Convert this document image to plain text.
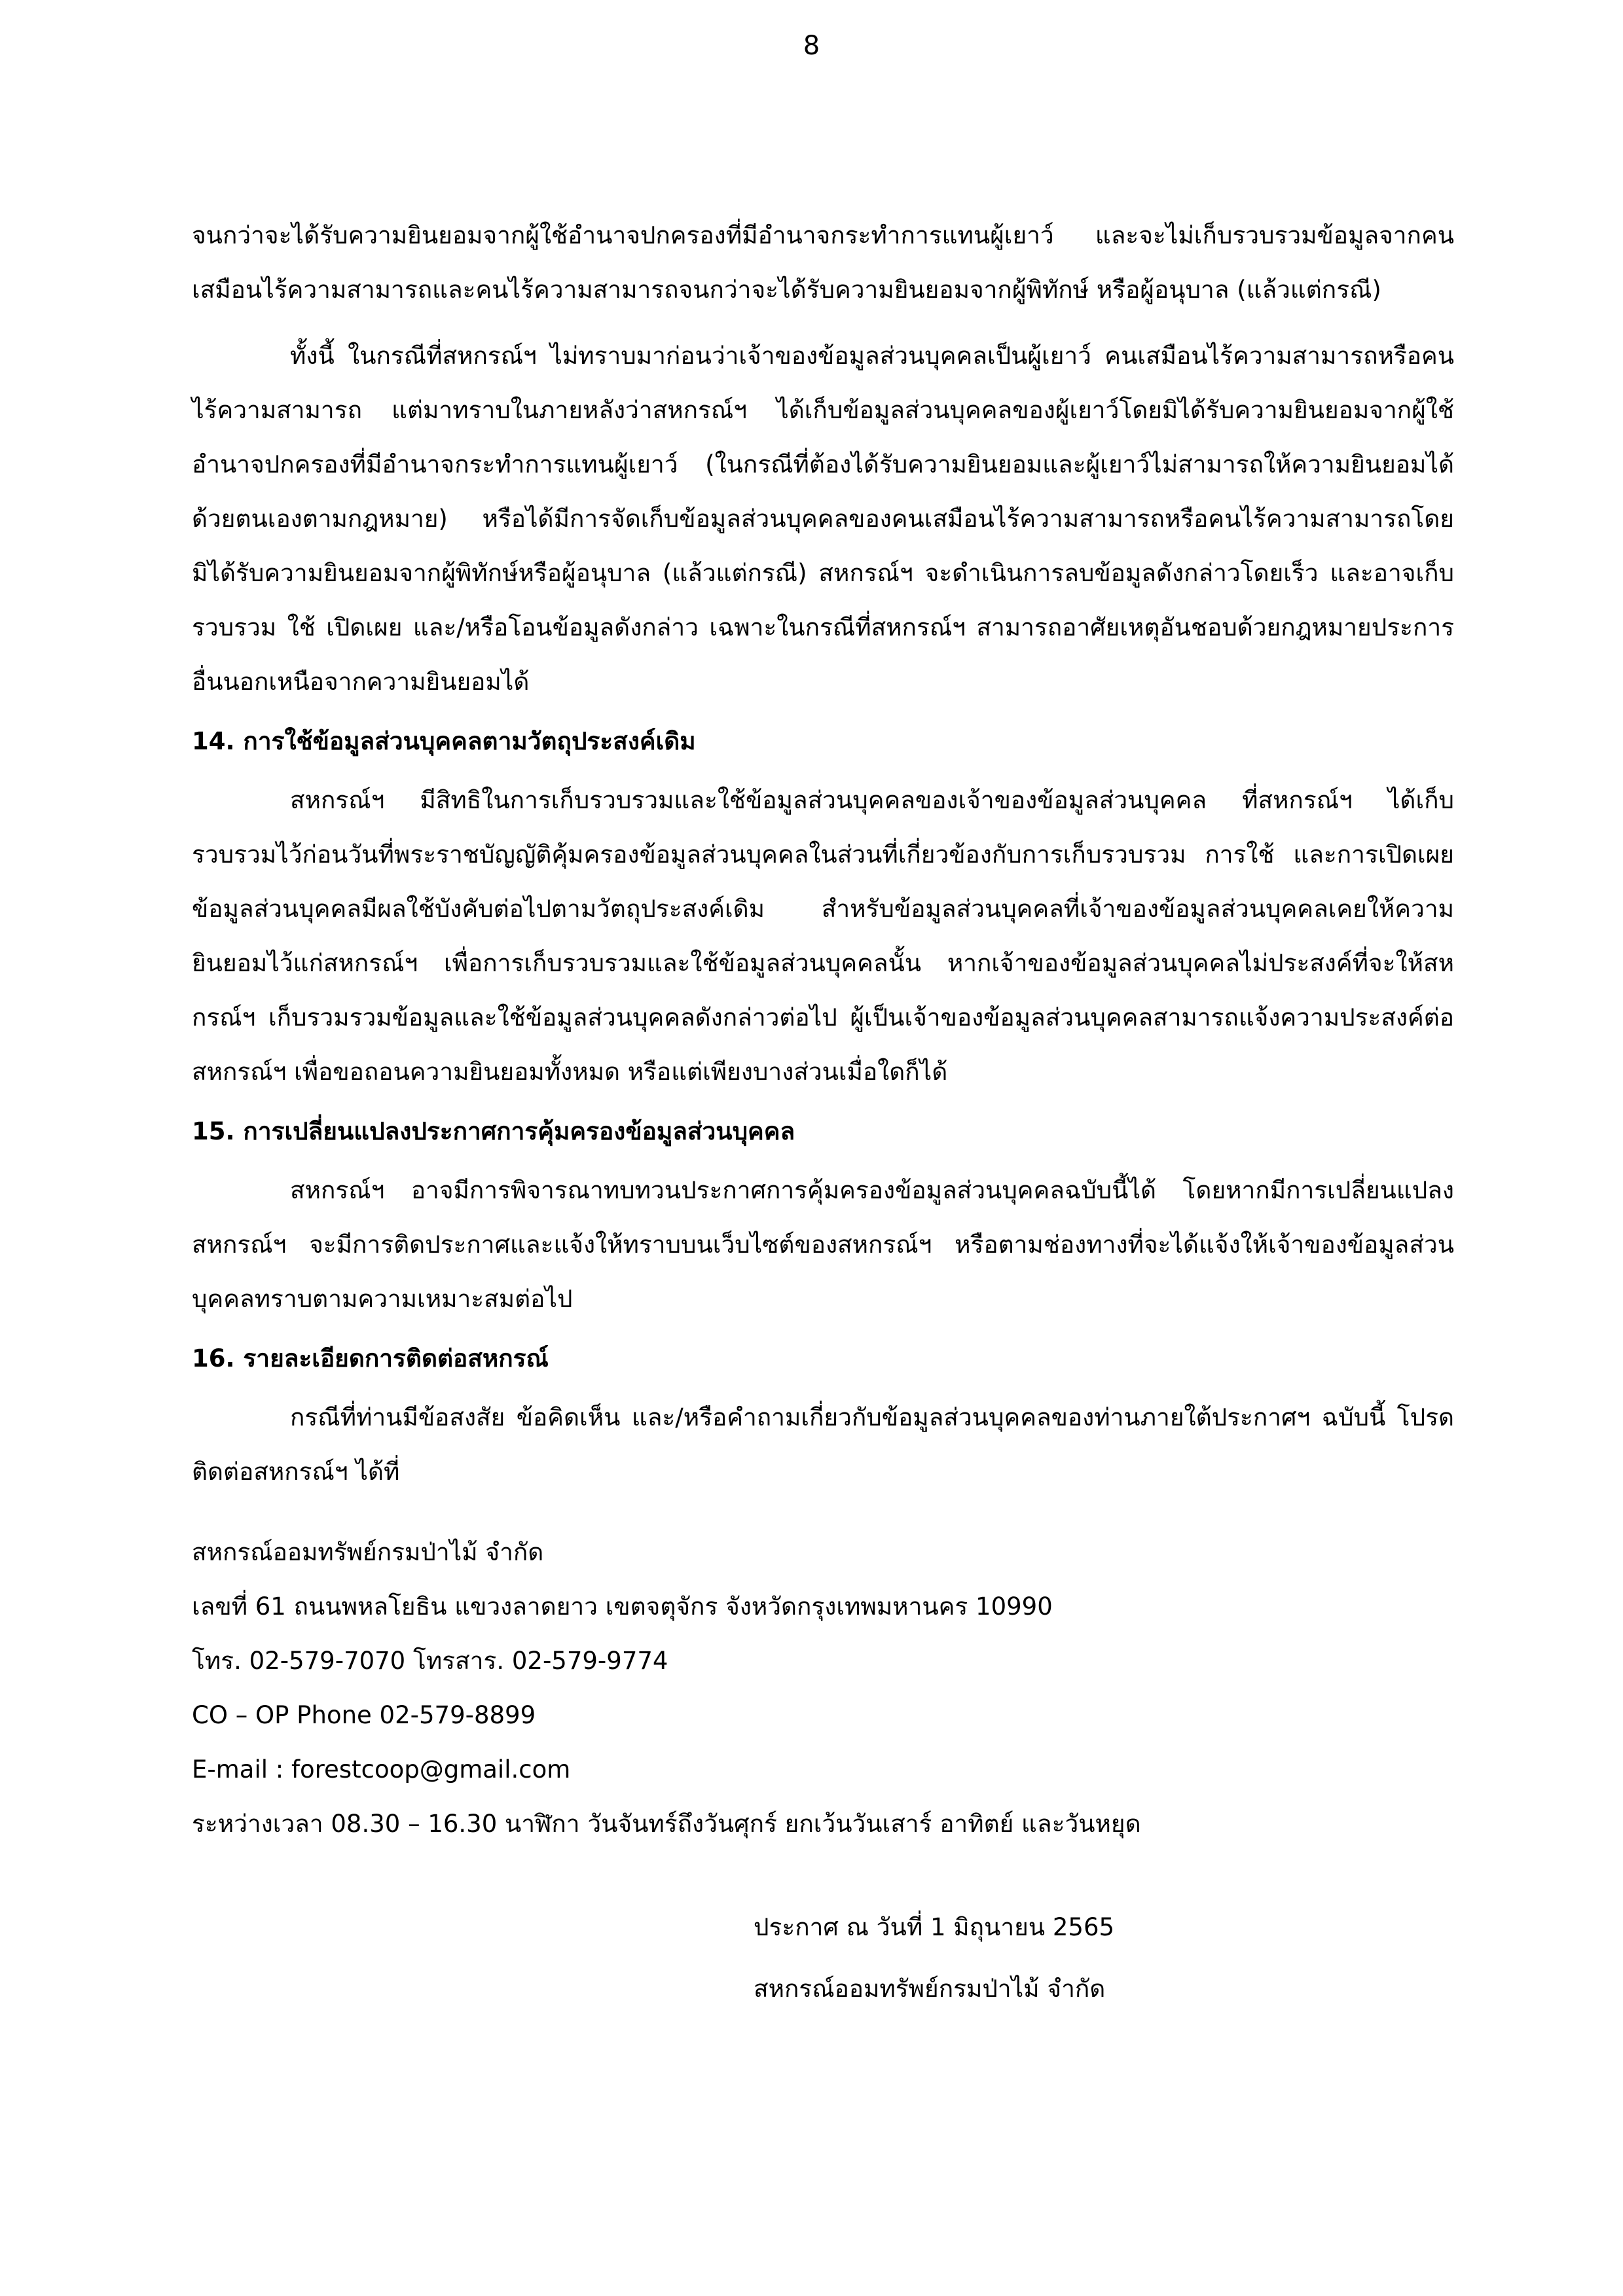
8

จนกว่าจะได้รับความยินยอมจากผู้ใช้อำนาจปกครองที่มีอำนาจกระทำการแทนผู้เยาว์ และจะไม่เก็บรวบรวมข้อมูลจากคนเสมือนไร้ความสามารถและคนไร้ความสามารถจนกว่าจะได้รับความยินยอมจากผู้พิทักษ์ หรือผู้อนุบาล (แล้วแต่กรณี)

ทั้งนี้ ในกรณีที่สหกรณ์ฯ ไม่ทราบมาก่อนว่าเจ้าของข้อมูลส่วนบุคคลเป็นผู้เยาว์ คนเสมือนไร้ความสามารถหรือคนไร้ความสามารถ แต่มาทราบในภายหลังว่าสหกรณ์ฯ ได้เก็บข้อมูลส่วนบุคคลของผู้เยาว์โดยมิได้รับความยินยอมจากผู้ใช้อำนาจปกครองที่มีอำนาจกระทำการแทนผู้เยาว์ (ในกรณีที่ต้องได้รับความยินยอมและผู้เยาว์ไม่สามารถให้ความยินยอมได้ด้วยตนเองตามกฎหมาย) หรือได้มีการจัดเก็บข้อมูลส่วนบุคคลของคนเสมือนไร้ความสามารถหรือคนไร้ความสามารถโดยมิได้รับความยินยอมจากผู้พิทักษ์หรือผู้อนุบาล (แล้วแต่กรณี) สหกรณ์ฯ จะดำเนินการลบข้อมูลดังกล่าวโดยเร็ว และอาจเก็บรวบรวม ใช้ เปิดเผย และ/หรือโอนข้อมูลดังกล่าว เฉพาะในกรณีที่สหกรณ์ฯ สามารถอาศัยเหตุอันชอบด้วยกฎหมายประการอื่นนอกเหนือจากความยินยอมได้

14. การใช้ข้อมูลส่วนบุคคลตามวัตถุประสงค์เดิม

สหกรณ์ฯ มีสิทธิในการเก็บรวบรวมและใช้ข้อมูลส่วนบุคคลของเจ้าของข้อมูลส่วนบุคคล ที่สหกรณ์ฯ ได้เก็บรวบรวมไว้ก่อนวันที่พระราชบัญญัติคุ้มครองข้อมูลส่วนบุคคลในส่วนที่เกี่ยวข้องกับการเก็บรวบรวม การใช้ และการเปิดเผยข้อมูลส่วนบุคคลมีผลใช้บังคับต่อไปตามวัตถุประสงค์เดิม สำหรับข้อมูลส่วนบุคคลที่เจ้าของข้อมูลส่วนบุคคลเคยให้ความยินยอมไว้แก่สหกรณ์ฯ เพื่อการเก็บรวบรวมและใช้ข้อมูลส่วนบุคคลนั้น หากเจ้าของข้อมูลส่วนบุคคลไม่ประสงค์ที่จะให้สหกรณ์ฯ เก็บรวมรวมข้อมูลและใช้ข้อมูลส่วนบุคคลดังกล่าวต่อไป ผู้เป็นเจ้าของข้อมูลส่วนบุคคลสามารถแจ้งความประสงค์ต่อสหกรณ์ฯ เพื่อขอถอนความยินยอมทั้งหมด หรือแต่เพียงบางส่วนเมื่อใดก็ได้

15. การเปลี่ยนแปลงประกาศการคุ้มครองข้อมูลส่วนบุคคล

สหกรณ์ฯ อาจมีการพิจารณาทบทวนประกาศการคุ้มครองข้อมูลส่วนบุคคลฉบับนี้ได้ โดยหากมีการเปลี่ยนแปลง สหกรณ์ฯ จะมีการติดประกาศและแจ้งให้ทราบบนเว็บไซต์ของสหกรณ์ฯ หรือตามช่องทางที่จะได้แจ้งให้เจ้าของข้อมูลส่วนบุคคลทราบตามความเหมาะสมต่อไป

16. รายละเอียดการติดต่อสหกรณ์

กรณีที่ท่านมีข้อสงสัย ข้อคิดเห็น และ/หรือคำถามเกี่ยวกับข้อมูลส่วนบุคคลของท่านภายใต้ประกาศฯ ฉบับนี้ โปรดติดต่อสหกรณ์ฯ ได้ที่

สหกรณ์ออมทรัพย์กรมป่าไม้ จำกัด

เลขที่ 61 ถนนพหลโยธิน แขวงลาดยาว เขตจตุจักร จังหวัดกรุงเทพมหานคร 10990

โทร. 02-579-7070 โทรสาร. 02-579-9774

CO – OP Phone 02-579-8899

E-mail : forestcoop@gmail.com

ระหว่างเวลา 08.30 – 16.30 นาฬิกา วันจันทร์ถึงวันศุกร์ ยกเว้นวันเสาร์ อาทิตย์ และวันหยุด

ประกาศ ณ วันที่ 1 มิถุนายน 2565

สหกรณ์ออมทรัพย์กรมป่าไม้ จำกัด
